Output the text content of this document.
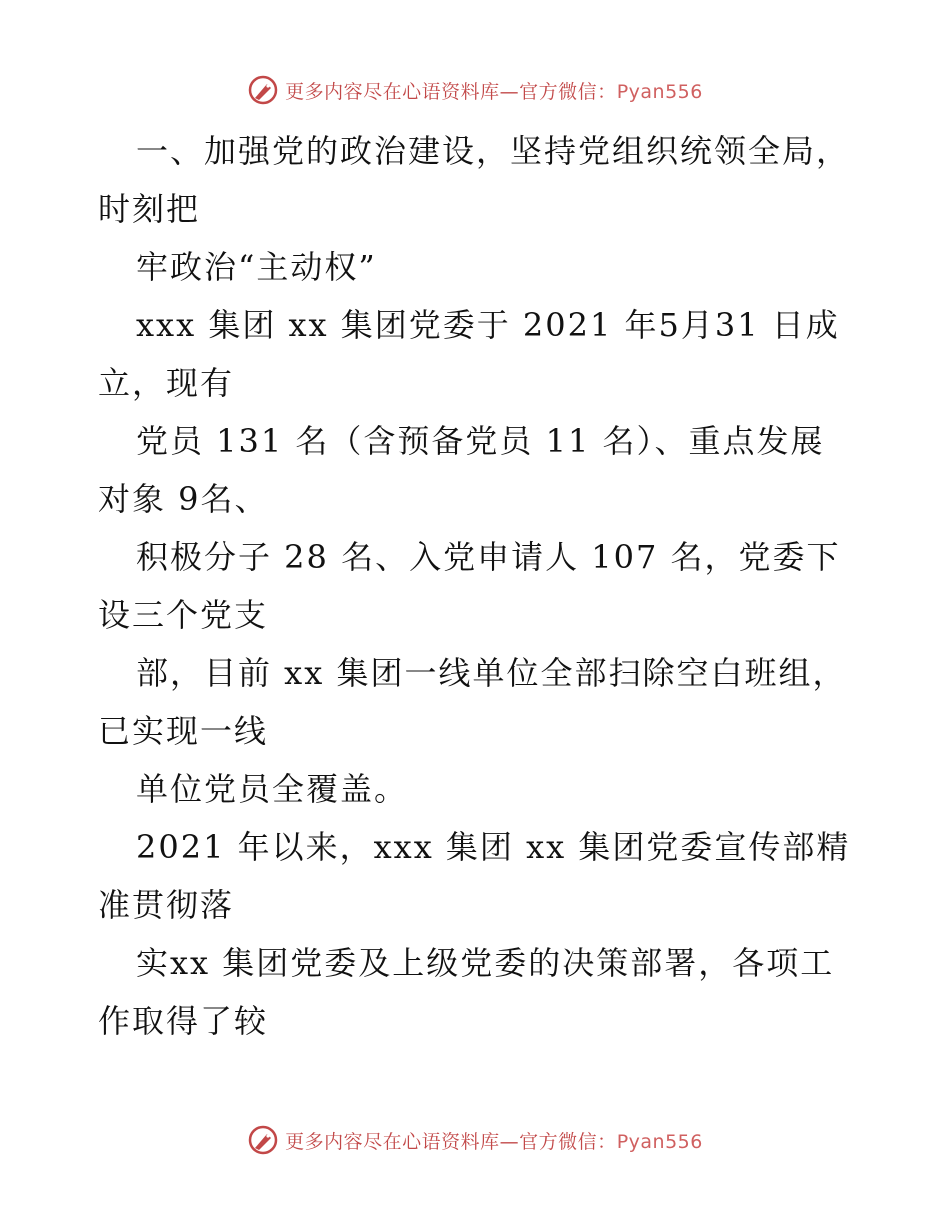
更多内容尽在心语资料库—官方微信：Pyan556
一、加强党的政治建设，坚持党组织统领全局，
时刻把
牢政治“主动权”
xxx 集团 xx 集团党委于 2021 年5月31 日成
立，现有
党员 131 名（含预备党员 11 名）、重点发展
对象 9名、
积极分子 28 名、入党申请人 107 名，党委下
设三个党支
部，目前 xx 集团一线单位全部扫除空白班组，
已实现一线
单位党员全覆盖。
2021 年以来，xxx 集团 xx 集团党委宣传部精
准贯彻落
实xx 集团党委及上级党委的决策部署，各项工
作取得了较
更多内容尽在心语资料库—官方微信：Pyan556
